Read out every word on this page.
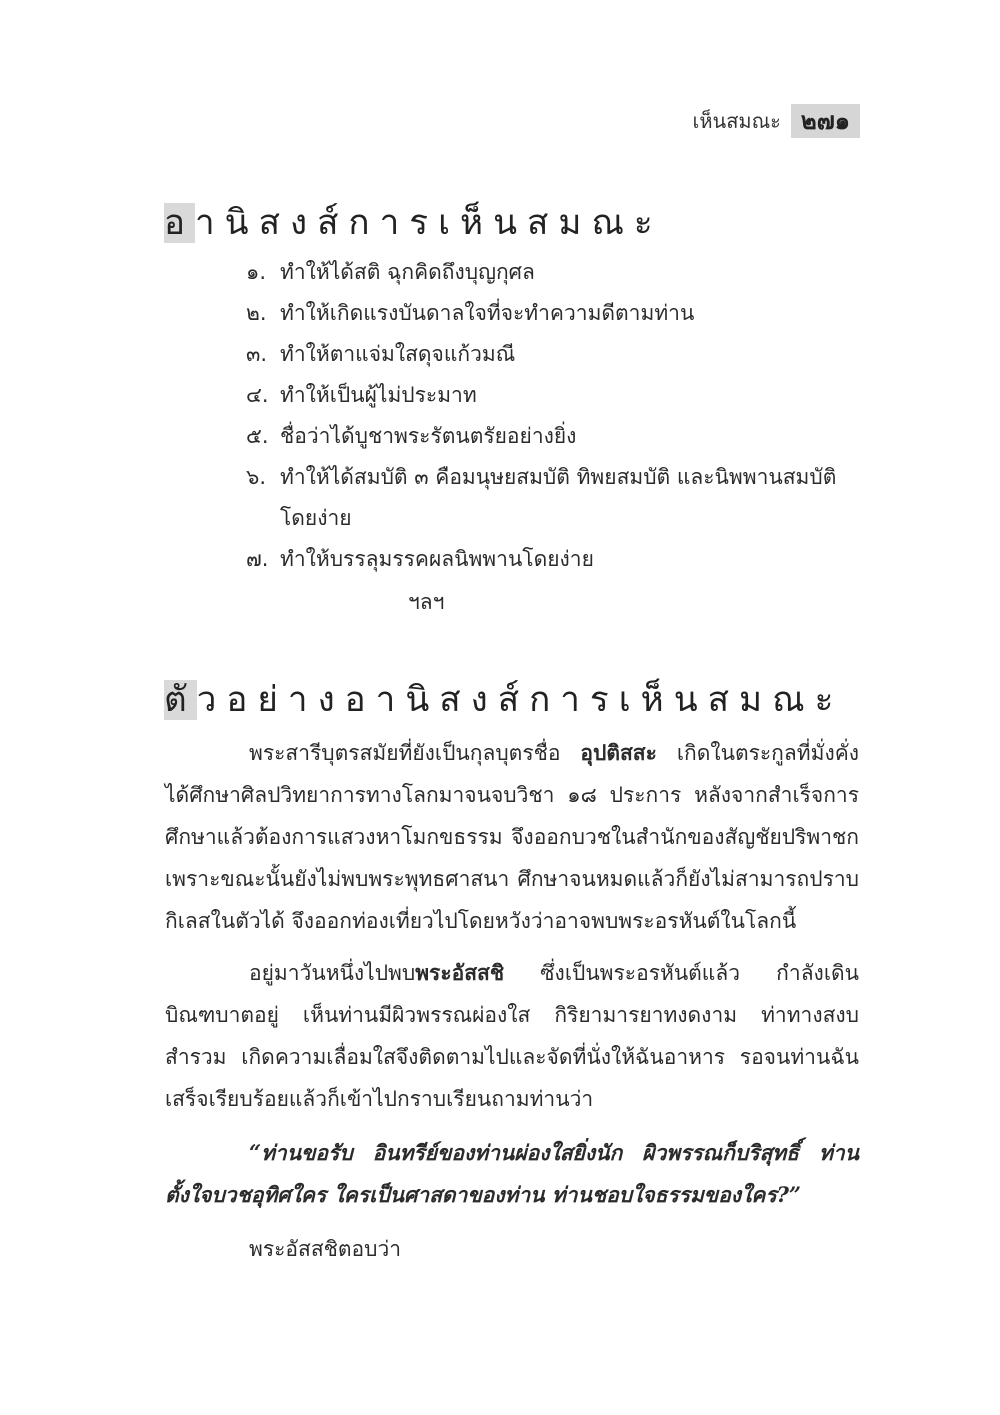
เห็นสมณะ ๒๗๑
อานิสงส์การเห็นสมณะ
๑. ทำให้ได้สติ ฉุกคิดถึงบุญกุศล
๒. ทำให้เกิดแรงบันดาลใจที่จะทำความดีตามท่าน
๓. ทำให้ตาแจ่มใสดุจแก้วมณี
๔. ทำให้เป็นผู้ไม่ประมาท
๕. ชื่อว่าได้บูชาพระรัตนตรัยอย่างยิ่ง
๖. ทำให้ได้สมบัติ ๓ คือมนุษยสมบัติ ทิพยสมบัติ และนิพพานสมบัติ โดยง่าย
๗. ทำให้บรรลุมรรคผลนิพพานโดยง่าย
ฯลฯ
ตัวอย่างอานิสงส์การเห็นสมณะ

พระสารีบุตรสมัยที่ยังเป็นกุลบุตรชื่อ อุปติสสะ เกิดในตระกูลที่มั่งคั่ง ได้ศึกษาศิลปวิทยาการทางโลกมาจนจบวิชา ๑๘ ประการ หลังจากสำเร็จการศึกษาแล้วต้องการแสวงหาโมกขธรรม จึงออกบวชในสำนักของสัญชัยปริพาชก เพราะขณะนั้นยังไม่พบพระพุทธศาสนา ศึกษาจนหมดแล้วก็ยังไม่สามารถปราบกิเลสในตัวได้ จึงออกท่องเที่ยวไปโดยหวังว่าอาจพบพระอรหันต์ในโลกนี้

อยู่มาวันหนึ่งไปพบพระอัสสชิ ซึ่งเป็นพระอรหันต์แล้ว กำลังเดินบิณฑบาตอยู่ เห็นท่านมีผิวพรรณผ่องใส กิริยามารยาทงดงาม ท่าทางสงบสำรวม เกิดความเลื่อมใสจึงติดตามไปและจัดที่นั่งให้ฉันอาหาร รอจนท่านฉันเสร็จเรียบร้อยแล้วก็เข้าไปกราบเรียนถามท่านว่า

“ท่านขอรับ อินทรีย์ของท่านผ่องใสยิ่งนัก ผิวพรรณก็บริสุทธิ์ ท่านตั้งใจบวชอุทิศใคร ใครเป็นศาสดาของท่าน ท่านชอบใจธรรมของใคร?”

พระอัสสชิตอบว่า
